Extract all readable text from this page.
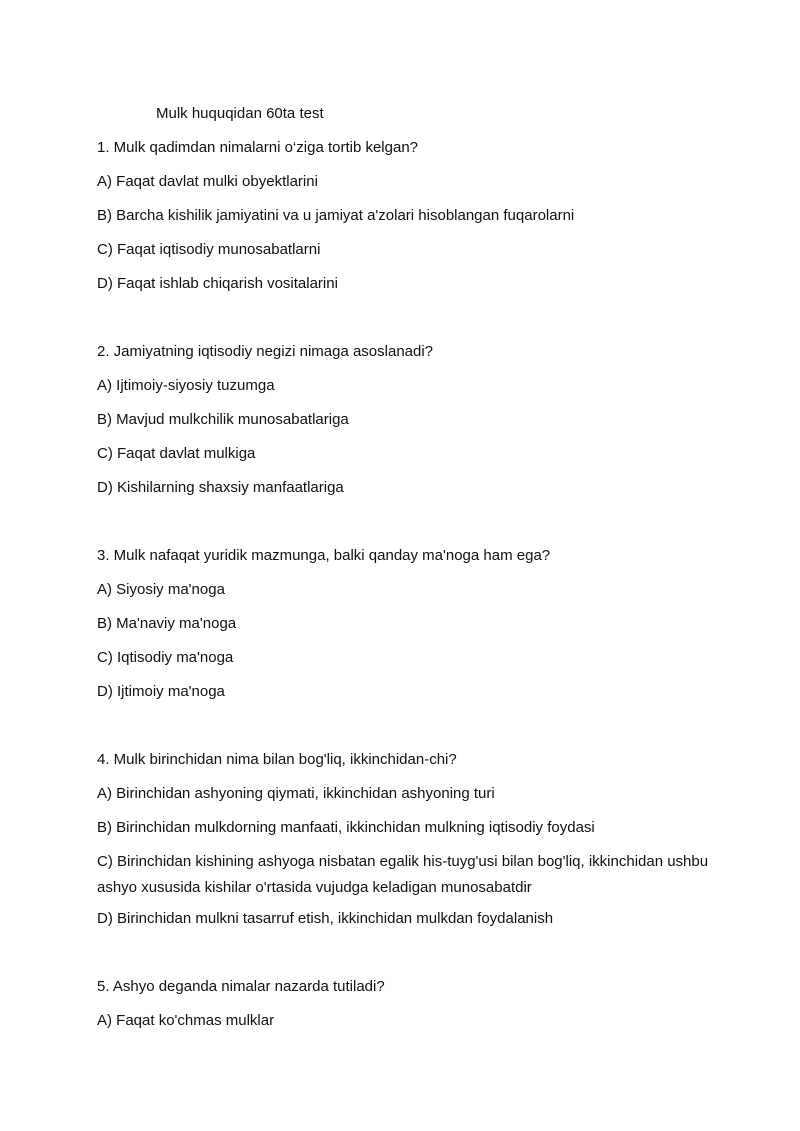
Mulk huquqidan 60ta test

1. Mulk qadimdan nimalarni o‘ziga tortib kelgan?

A) Faqat davlat mulki obyektlarini

B) Barcha kishilik jamiyatini va u jamiyat a'zolari hisoblangan fuqarolarni

C) Faqat iqtisodiy munosabatlarni

D) Faqat ishlab chiqarish vositalarini

2. Jamiyatning iqtisodiy negizi nimaga asoslanadi?

A) Ijtimoiy-siyosiy tuzumga

B) Mavjud mulkchilik munosabatlariga

C) Faqat davlat mulkiga

D) Kishilarning shaxsiy manfaatlariga

3. Mulk nafaqat yuridik mazmunga, balki qanday ma'noga ham ega?

A) Siyosiy ma'noga

B) Ma'naviy ma'noga

C) Iqtisodiy ma'noga

D) Ijtimoiy ma'noga

4. Mulk birinchidan nima bilan bog'liq, ikkinchidan-chi?

A) Birinchidan ashyoning qiymati, ikkinchidan ashyoning turi

B) Birinchidan mulkdorning manfaati, ikkinchidan mulkning iqtisodiy foydasi

C) Birinchidan kishining ashyoga nisbatan egalik his-tuyg'usi bilan bog'liq, ikkinchidan ushbu ashyo xususida kishilar o'rtasida vujudga keladigan munosabatdir

D) Birinchidan mulkni tasarruf etish, ikkinchidan mulkdan foydalanish

5. Ashyo deganda nimalar nazarda tutiladi?

A) Faqat ko'chmas mulklar
